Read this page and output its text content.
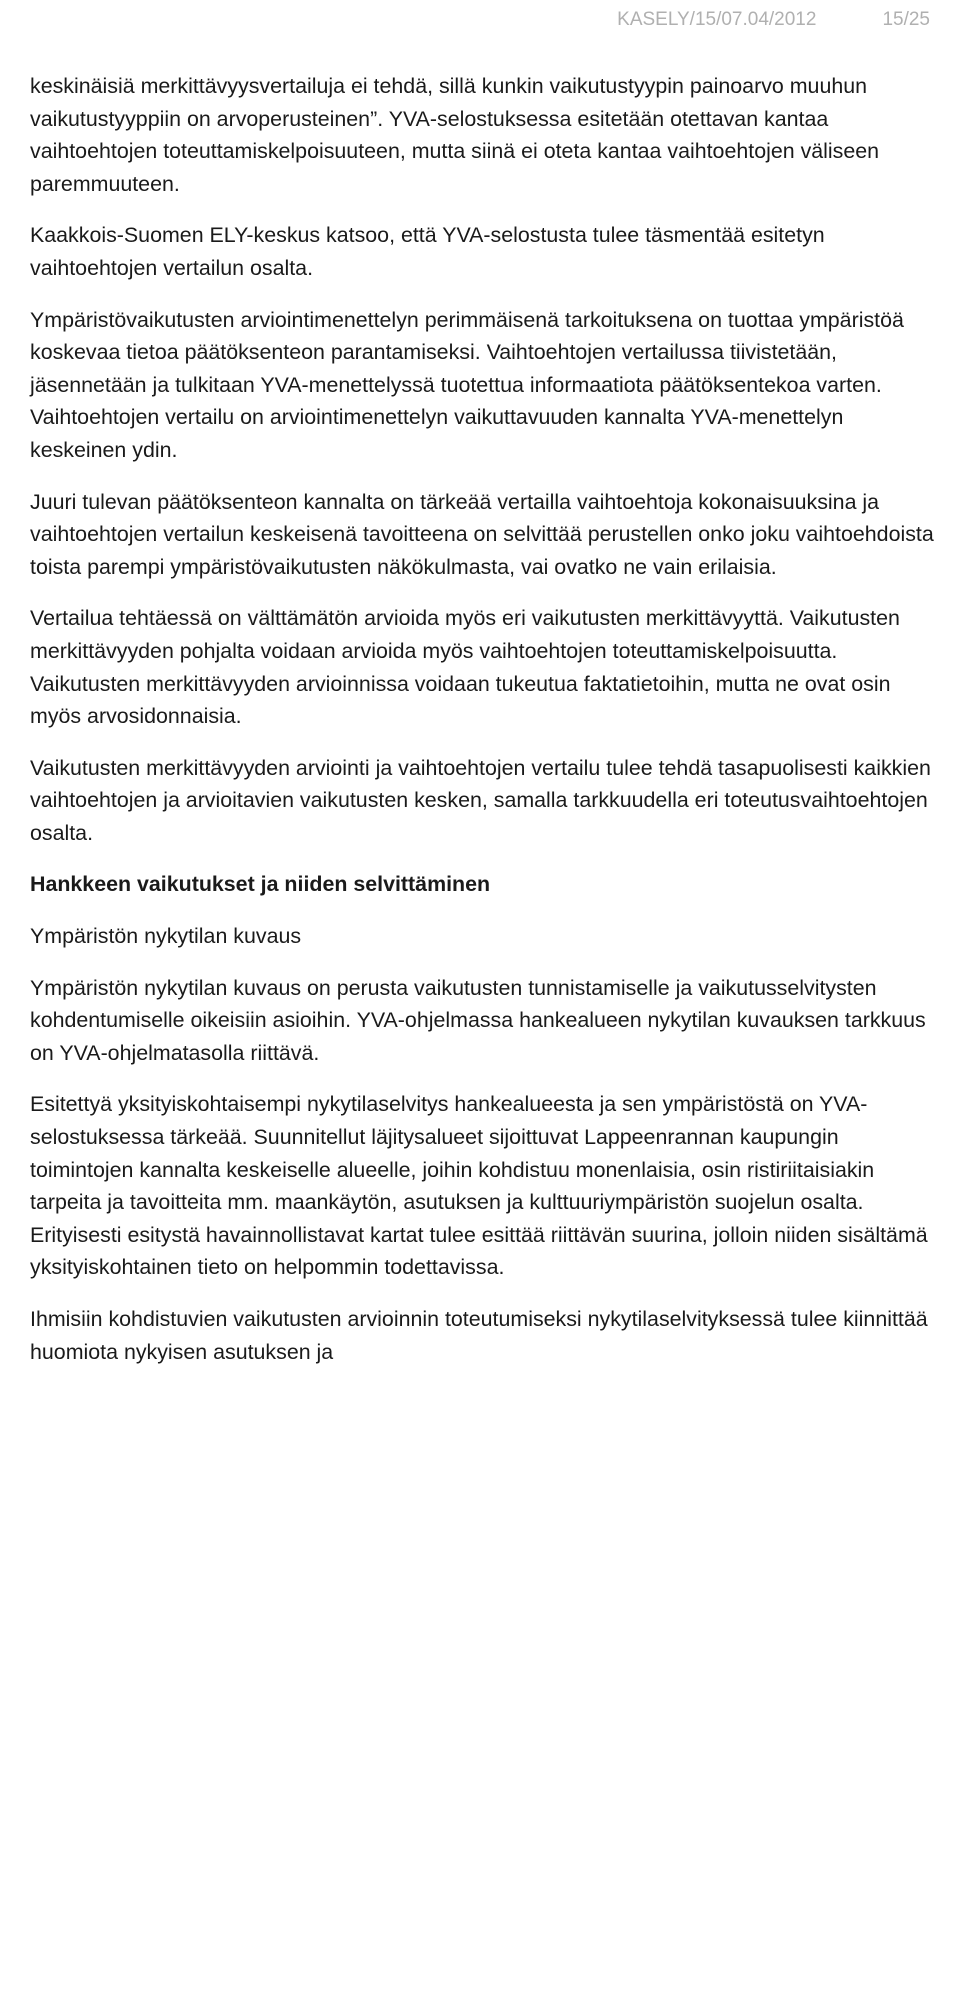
KASELY/15/07.04/2012	15/25

keskinäisiä merkittävyysvertailuja ei tehdä, sillä kunkin vaikutustyypin painoarvo muuhun vaikutustyyppiin on arvoperusteinen”. YVA-selostuksessa esitetään otettavan kantaa vaihtoehtojen toteuttamiskelpoisuuteen, mutta siinä ei oteta kantaa vaihtoehtojen väliseen paremmuuteen.

Kaakkois-Suomen ELY-keskus katsoo, että YVA-selostusta tulee täsmentää esitetyn vaihtoehtojen vertailun osalta.

Ympäristövaikutusten arviointimenettelyn perimmäisenä tarkoituksena on tuottaa ympäristöä koskevaa tietoa päätöksenteon parantamiseksi. Vaihtoehtojen vertailussa tiivistetään, jäsennetään ja tulkitaan YVA-menettelyssä tuotettua informaatiota päätöksentekoa varten. Vaihtoehtojen vertailu on arviointimenettelyn vaikuttavuuden kannalta YVA-menettelyn keskeinen ydin.

Juuri tulevan päätöksenteon kannalta on tärkeää vertailla vaihtoehtoja kokonaisuuksina ja vaihtoehtojen vertailun keskeisenä tavoitteena on selvittää perustellen onko joku vaihtoehdoista toista parempi ympäristövaikutusten näkökulmasta, vai ovatko ne vain erilaisia.

Vertailua tehtäessä on välttämätön arvioida myös eri vaikutusten merkittävyyttä. Vaikutusten merkittävyyden pohjalta voidaan arvioida myös vaihtoehtojen toteuttamiskelpoisuutta. Vaikutusten merkittävyyden arvioinnissa voidaan tukeutua faktatietoihin, mutta ne ovat osin myös arvosidonnaisia.

Vaikutusten merkittävyyden arviointi ja vaihtoehtojen vertailu tulee tehdä tasapuolisesti kaikkien vaihtoehtojen ja arvioitavien vaikutusten kesken, samalla tarkkuudella eri toteutusvaihtoehtojen osalta.

Hankkeen vaikutukset ja niiden selvittäminen

Ympäristön nykytilan kuvaus

Ympäristön nykytilan kuvaus on perusta vaikutusten tunnistamiselle ja vaikutusselvitysten kohdentumiselle oikeisiin asioihin. YVA-ohjelmassa hankealueen nykytilan kuvauksen tarkkuus on YVA-ohjelmatasolla riittävä.

Esitettyä yksityiskohtaisempi nykytilaselvitys hankealueesta ja sen ympäristöstä on YVA-selostuksessa tärkeää. Suunnitellut läjitysalueet sijoittuvat Lappeenrannan kaupungin toimintojen kannalta keskeiselle alueelle, joihin kohdistuu monenlaisia, osin ristiriitaisiakin tarpeita ja tavoitteita mm. maankäytön, asutuksen ja kulttuuriympäristön suojelun osalta. Erityisesti esitystä havainnollistavat kartat tulee esittää riittävän suurina, jolloin niiden sisältämä yksityiskohtainen tieto on helpommin todettavissa.

Ihmisiin kohdistuvien vaikutusten arvioinnin toteutumiseksi nykytilaselvityksessä tulee kiinnittää huomiota nykyisen asutuksen ja
